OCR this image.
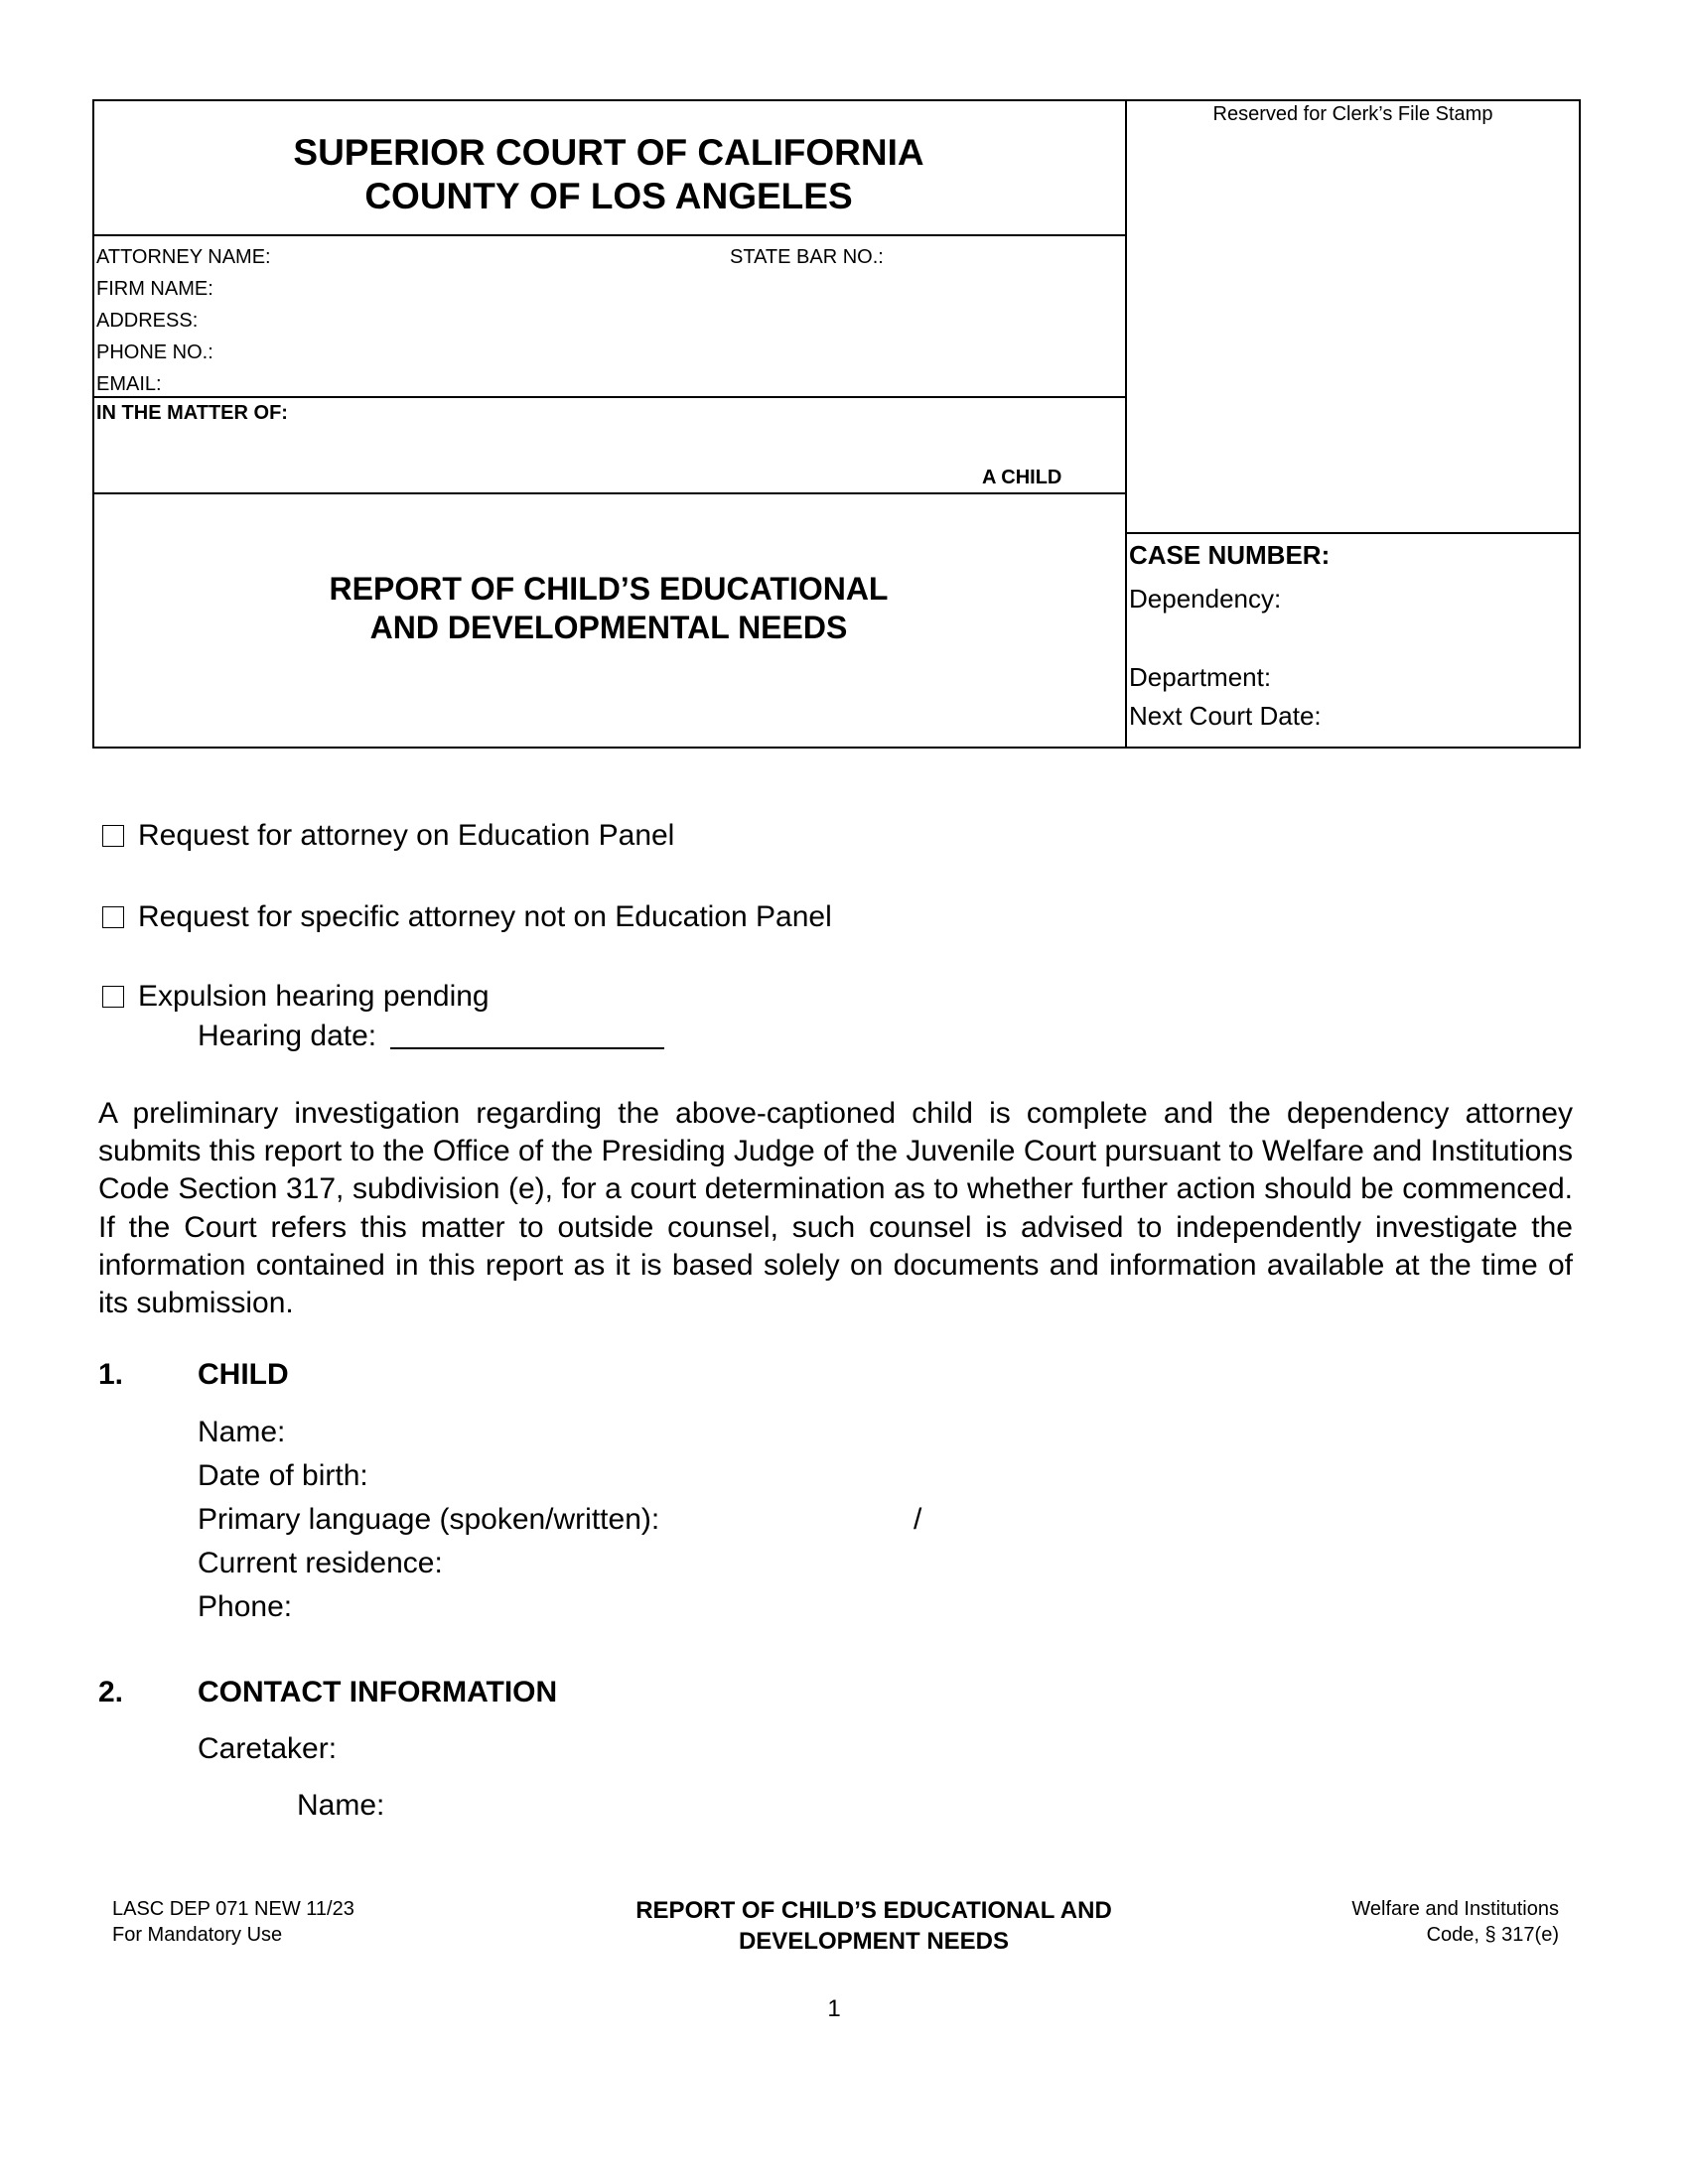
SUPERIOR COURT OF CALIFORNIA
COUNTY OF LOS ANGELES
Reserved for Clerk’s File Stamp
ATTORNEY NAME:	STATE BAR NO.:
FIRM NAME:
ADDRESS:
PHONE NO.:
EMAIL:
IN THE MATTER OF:
A CHILD
REPORT OF CHILD’S EDUCATIONAL
AND DEVELOPMENTAL NEEDS
CASE NUMBER:
Dependency:
Department:
Next Court Date:
Request for attorney on Education Panel
Request for specific attorney not on Education Panel
Expulsion hearing pending
Hearing date:
A preliminary investigation regarding the above-captioned child is complete and the dependency attorney submits this report to the Office of the Presiding Judge of the Juvenile Court pursuant to Welfare and Institutions Code Section 317, subdivision (e), for a court determination as to whether further action should be commenced. If the Court refers this matter to outside counsel, such counsel is advised to independently investigate the information contained in this report as it is based solely on documents and information available at the time of its submission.
1. CHILD
Name:
Date of birth:
Primary language (spoken/written):	/
Current residence:
Phone:
2. CONTACT INFORMATION
Caretaker:
Name:
LASC DEP 071 NEW 11/23
For Mandatory Use
REPORT OF CHILD’S EDUCATIONAL AND
DEVELOPMENT NEEDS
Welfare and Institutions
Code, § 317(e)
1
